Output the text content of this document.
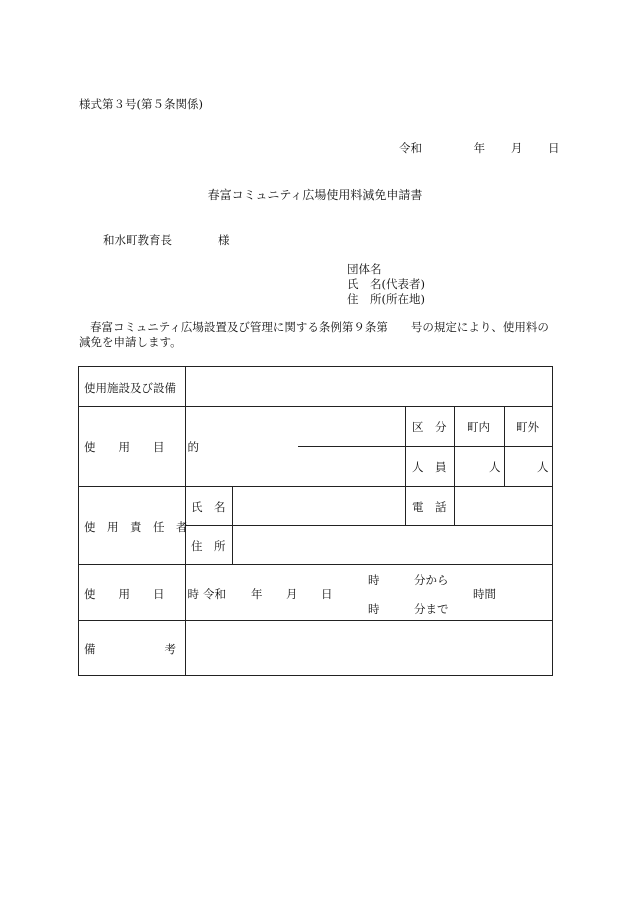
様式第３号(第５条関係)
令和	年 月 日
春富コミュニティ広場使用料減免申請書
和水町教育長	様
団体名
氏　名(代表者)
住　所(所在地)
春富コミュニティ広場設置及び管理に関する条例第９条第　　号の規定により、使用料の減免を申請します。
使用施設及び設備
使　　用　　目　　的
区　分 町内 町外
人　員	人	人
使　用　責　任　者
氏　名	電　話
住　所
使　　用　　日　　時 令和 年 月 日
時　　　分から
時　　　分まで
時間
備　　　　　　考
